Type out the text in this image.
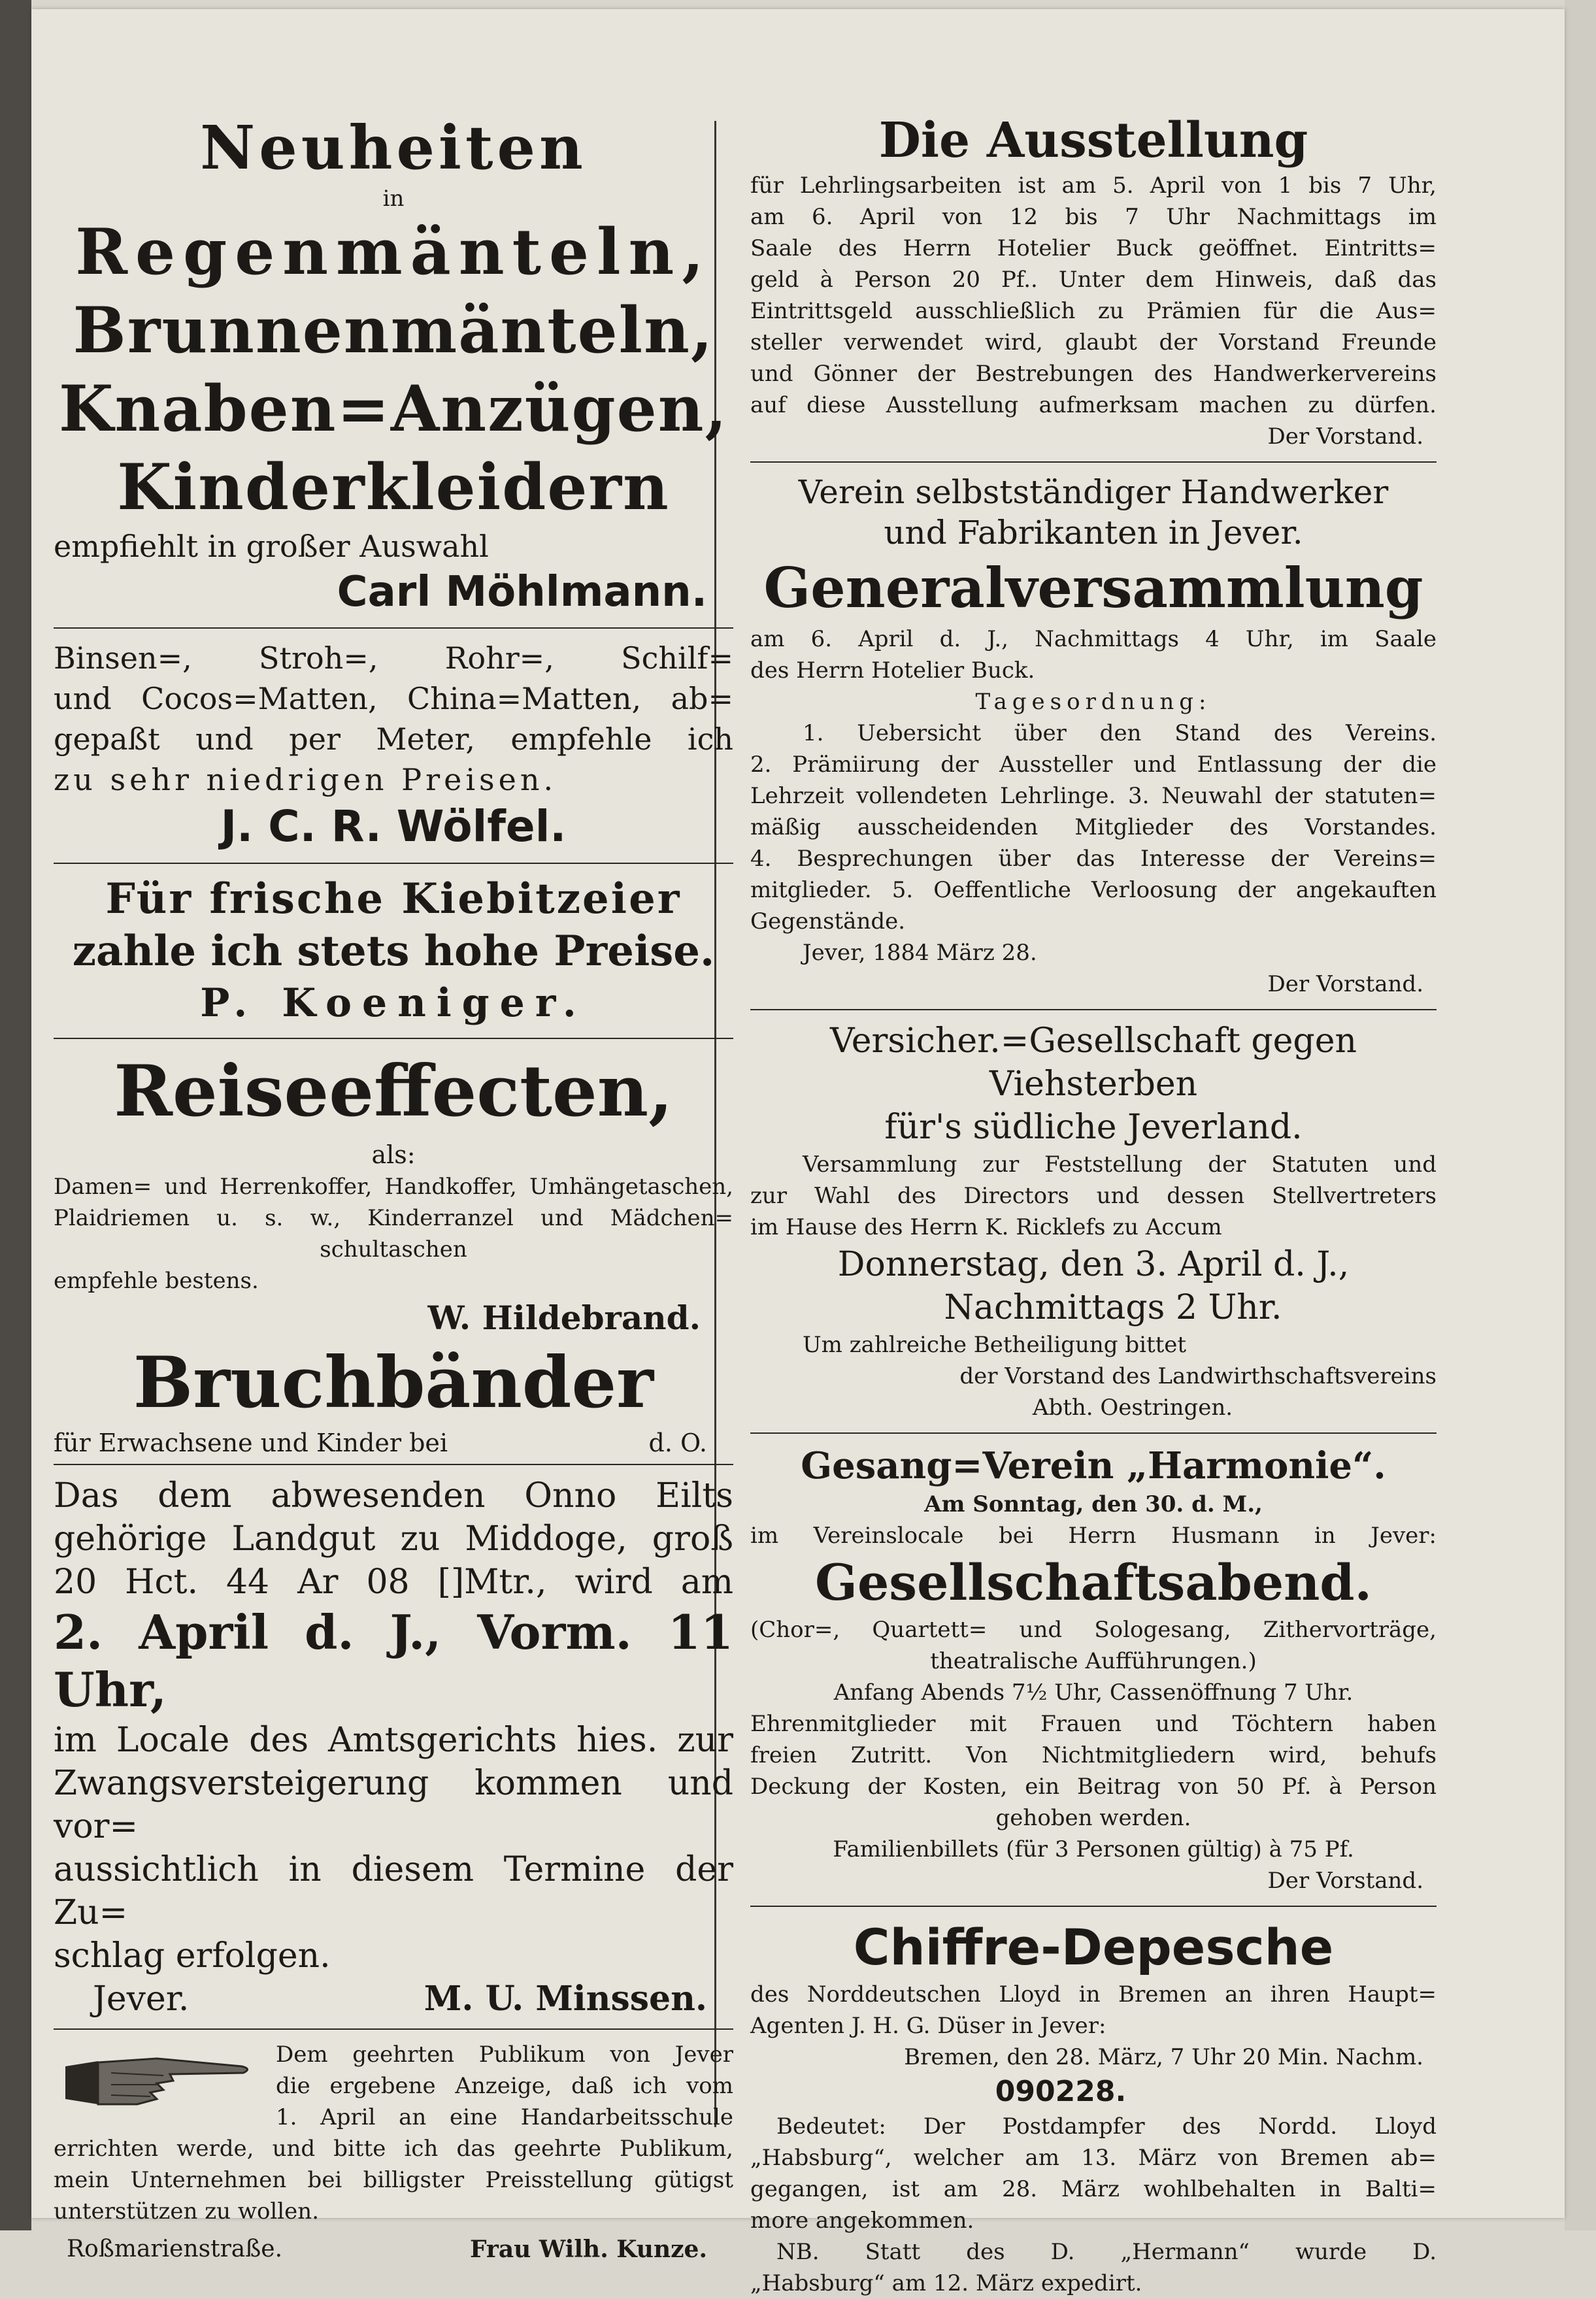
Neuheiten
in
Regenmänteln,
Brunnenmänteln,
Knaben=Anzügen,
Kinderkleidern
empfiehlt in großer Auswahl
Carl Möhlmann.
Binsen=, Stroh=, Rohr=, Schilf=
und Cocos=Matten, China=Matten, ab=
gepaßt und per Meter, empfehle ich
zu sehr niedrigen Preisen.
J. C. R. Wölfel.
Für frische Kiebitzeier
zahle ich stets hohe Preise.
P. Koeniger.
Reiseeffecten,
als:
Damen= und Herrenkoffer, Handkoffer, Umhängetaschen,
Plaidriemen u. s. w., Kinderranzel und Mädchen=
schultaschen
empfehle bestens.
W. Hildebrand.
Bruchbänder
für Erwachsene und Kinder bei	d. O.
Das dem abwesenden Onno Eilts
gehörige Landgut zu Middoge, groß
20 Hct. 44 Ar 08 []Mtr., wird am
2. April d. J., Vorm. 11 Uhr,
im Locale des Amtsgerichts hies. zur
Zwangsversteigerung kommen und vor=
aussichtlich in diesem Termine der Zu=
schlag erfolgen.
Jever.	M. U. Minssen.
Dem geehrten Publikum von Jever
die ergebene Anzeige, daß ich vom
1. April an eine Handarbeitsschule
errichten werde, und bitte ich das geehrte Publikum,
mein Unternehmen bei billigster Preisstellung gütigst
unterstützen zu wollen.
Roßmarienstraße.	Frau Wilh. Kunze.
Die Ausstellung
für Lehrlingsarbeiten ist am 5. April von 1 bis 7 Uhr,
am 6. April von 12 bis 7 Uhr Nachmittags im
Saale des Herrn Hotelier Buck geöffnet. Eintritts=
geld à Person 20 Pf.. Unter dem Hinweis, daß das
Eintrittsgeld ausschließlich zu Prämien für die Aus=
steller verwendet wird, glaubt der Vorstand Freunde
und Gönner der Bestrebungen des Handwerkervereins
auf diese Ausstellung aufmerksam machen zu dürfen.
Der Vorstand.
Verein selbstständiger Handwerker
und Fabrikanten in Jever.
Generalversammlung
am 6. April d. J., Nachmittags 4 Uhr, im Saale
des Herrn Hotelier Buck.
Tagesordnung:
1. Uebersicht über den Stand des Vereins.
2. Prämiirung der Aussteller und Entlassung der die
Lehrzeit vollendeten Lehrlinge. 3. Neuwahl der statuten=
mäßig ausscheidenden Mitglieder des Vorstandes.
4. Besprechungen über das Interesse der Vereins=
mitglieder. 5. Oeffentliche Verloosung der angekauften
Gegenstände.
Jever, 1884 März 28.
Der Vorstand.
Versicher.=Gesellschaft gegen Viehsterben
für's südliche Jeverland.
Versammlung zur Feststellung der Statuten und
zur Wahl des Directors und dessen Stellvertreters
im Hause des Herrn K. Ricklefs zu Accum
Donnerstag, den 3. April d. J.,
Nachmittags 2 Uhr.
Um zahlreiche Betheiligung bittet
der Vorstand des Landwirthschaftsvereins
Abth. Oestringen.
Gesang=Verein „Harmonie“.
Am Sonntag, den 30. d. M.,
im Vereinslocale bei Herrn Husmann in Jever:
Gesellschaftsabend.
(Chor=, Quartett= und Sologesang, Zithervorträge,
theatralische Aufführungen.)
Anfang Abends 7½ Uhr, Cassenöffnung 7 Uhr.
Ehrenmitglieder mit Frauen und Töchtern haben
freien Zutritt. Von Nichtmitgliedern wird, behufs
Deckung der Kosten, ein Beitrag von 50 Pf. à Person
gehoben werden.
Familienbillets (für 3 Personen gültig) à 75 Pf.
Der Vorstand.
Chiffre-Depesche
des Norddeutschen Lloyd in Bremen an ihren Haupt=
Agenten J. H. G. Düser in Jever:
Bremen, den 28. März, 7 Uhr 20 Min. Nachm.
090228.
Bedeutet: Der Postdampfer des Nordd. Lloyd
„Habsburg“, welcher am 13. März von Bremen ab=
gegangen, ist am 28. März wohlbehalten in Balti=
more angekommen.
NB. Statt des D. „Hermann“ wurde D.
„Habsburg“ am 12. März expedirt.
